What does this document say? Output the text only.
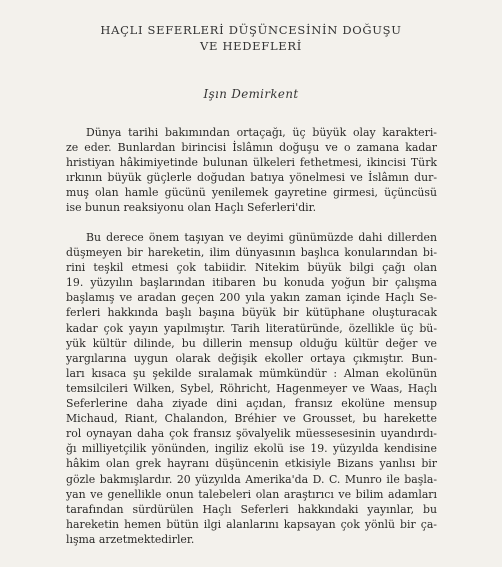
HAÇLI SEFERLERİ DÜŞÜNCESİNİN DOĞUŞU
VE HEDEFLERİ
Işın Demirkent
Dünya tarihi bakımından ortaçağı, üç büyük olay karakteri-
ze eder. Bunlardan birincisi İslâmın doğuşu ve o zamana kadar
hristiyan hâkimiyetinde bulunan ülkeleri fethetmesi, ikincisi Türk
ırkının büyük güçlerle doğudan batıya yönelmesi ve İslâmın dur-
muş olan hamle gücünü yenilemek gayretine girmesi, üçüncüsü
ise bunun reaksiyonu olan Haçlı Seferleri'dir.
Bu derece önem taşıyan ve deyimi günümüzde dahi dillerden
düşmeyen bir hareketin, ilim dünyasının başlıca konularından bi-
rini teşkil etmesi çok tabiidir. Nitekim büyük bilgi çağı olan
19. yüzyılın başlarından itibaren bu konuda yoğun bir çalışma
başlamış ve aradan geçen 200 yıla yakın zaman içinde Haçlı Se-
ferleri hakkında başlı başına büyük bir kütüphane oluşturacak
kadar çok yayın yapılmıştır. Tarih literatüründe, özellikle üç bü-
yük kültür dilinde, bu dillerin mensup olduğu kültür değer ve
yargılarına uygun olarak değişik ekoller ortaya çıkmıştır. Bun-
ları kısaca şu şekilde sıralamak mümkündür : Alman ekolünün
temsilcileri Wilken, Sybel, Röhricht, Hagenmeyer ve Waas, Haçlı
Seferlerine daha ziyade dini açıdan, fransız ekolüne mensup
Michaud, Riant, Chalandon, Bréhier ve Grousset, bu harekette
rol oynayan daha çok fransız şövalyelik müessesesinin uyandırdı-
ğı milliyetçilik yönünden, ingiliz ekolü ise 19. yüzyılda kendisine
hâkim olan grek hayranı düşüncenin etkisiyle Bizans yanlısı bir
gözle bakmışlardır. 20 yüzyılda Amerika'da D. C. Munro ile başla-
yan ve genellikle onun talebeleri olan araştırıcı ve bilim adamları
tarafından sürdürülen Haçlı Seferleri hakkındaki yayınlar, bu
hareketin hemen bütün ilgi alanlarını kapsayan çok yönlü bir ça-
lışma arzetmektedirler.
